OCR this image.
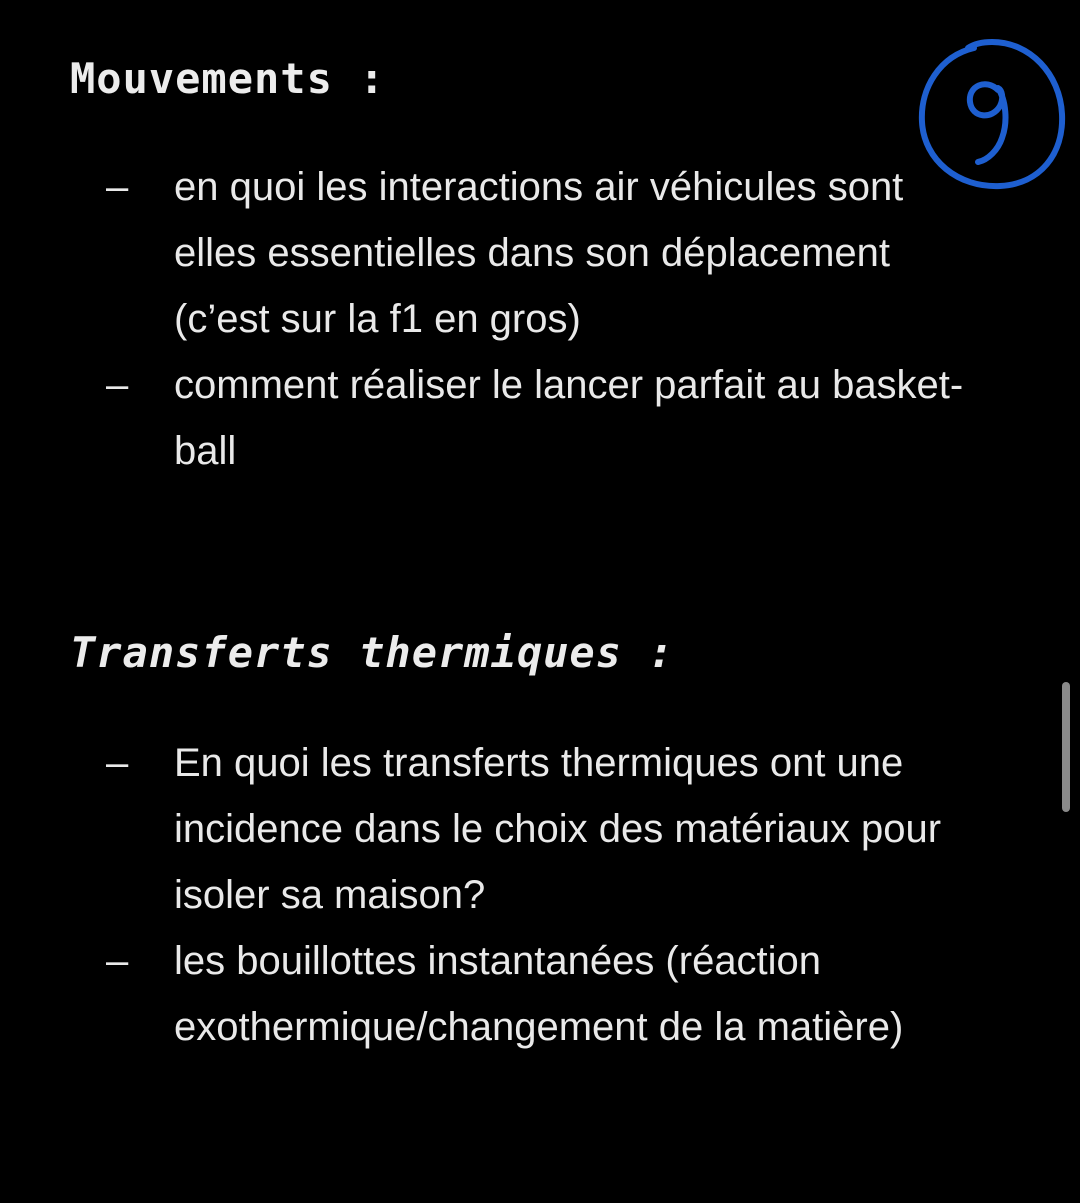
Mouvements :
– en quoi les interactions air véhicules sont elles essentielles dans son déplacement (c’est sur la f1 en gros)
– comment réaliser le lancer parfait au basket-ball
Transferts thermiques :
– En quoi les transferts thermiques ont une incidence dans le choix des matériaux pour isoler sa maison?
– les bouillottes instantanées (réaction exothermique/changement de la matière)
